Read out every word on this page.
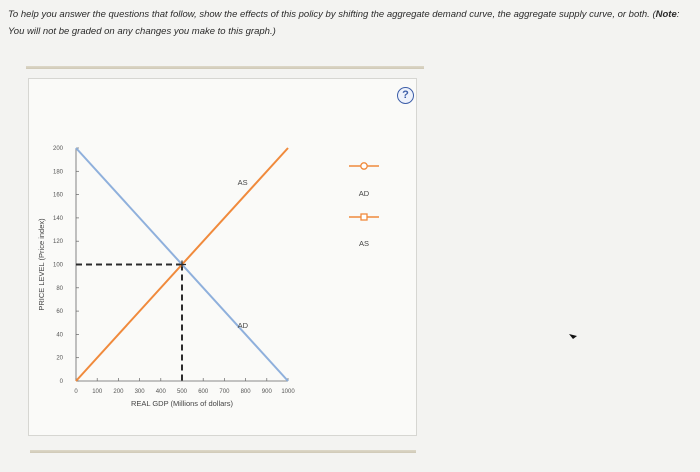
To help you answer the questions that follow, show the effects of this policy by shifting the aggregate demand curve, the aggregate supply curve, or both. (Note: You will not be graded on any changes you make to this graph.)
?
0
20
40
60
80
100
120
140
160
180
200
0 100 200 300 400 500 600 700 800 900 1000
REAL GDP (Millions of dollars)
PRICE LEVEL (Price index)
AS
AD
AD
AS
